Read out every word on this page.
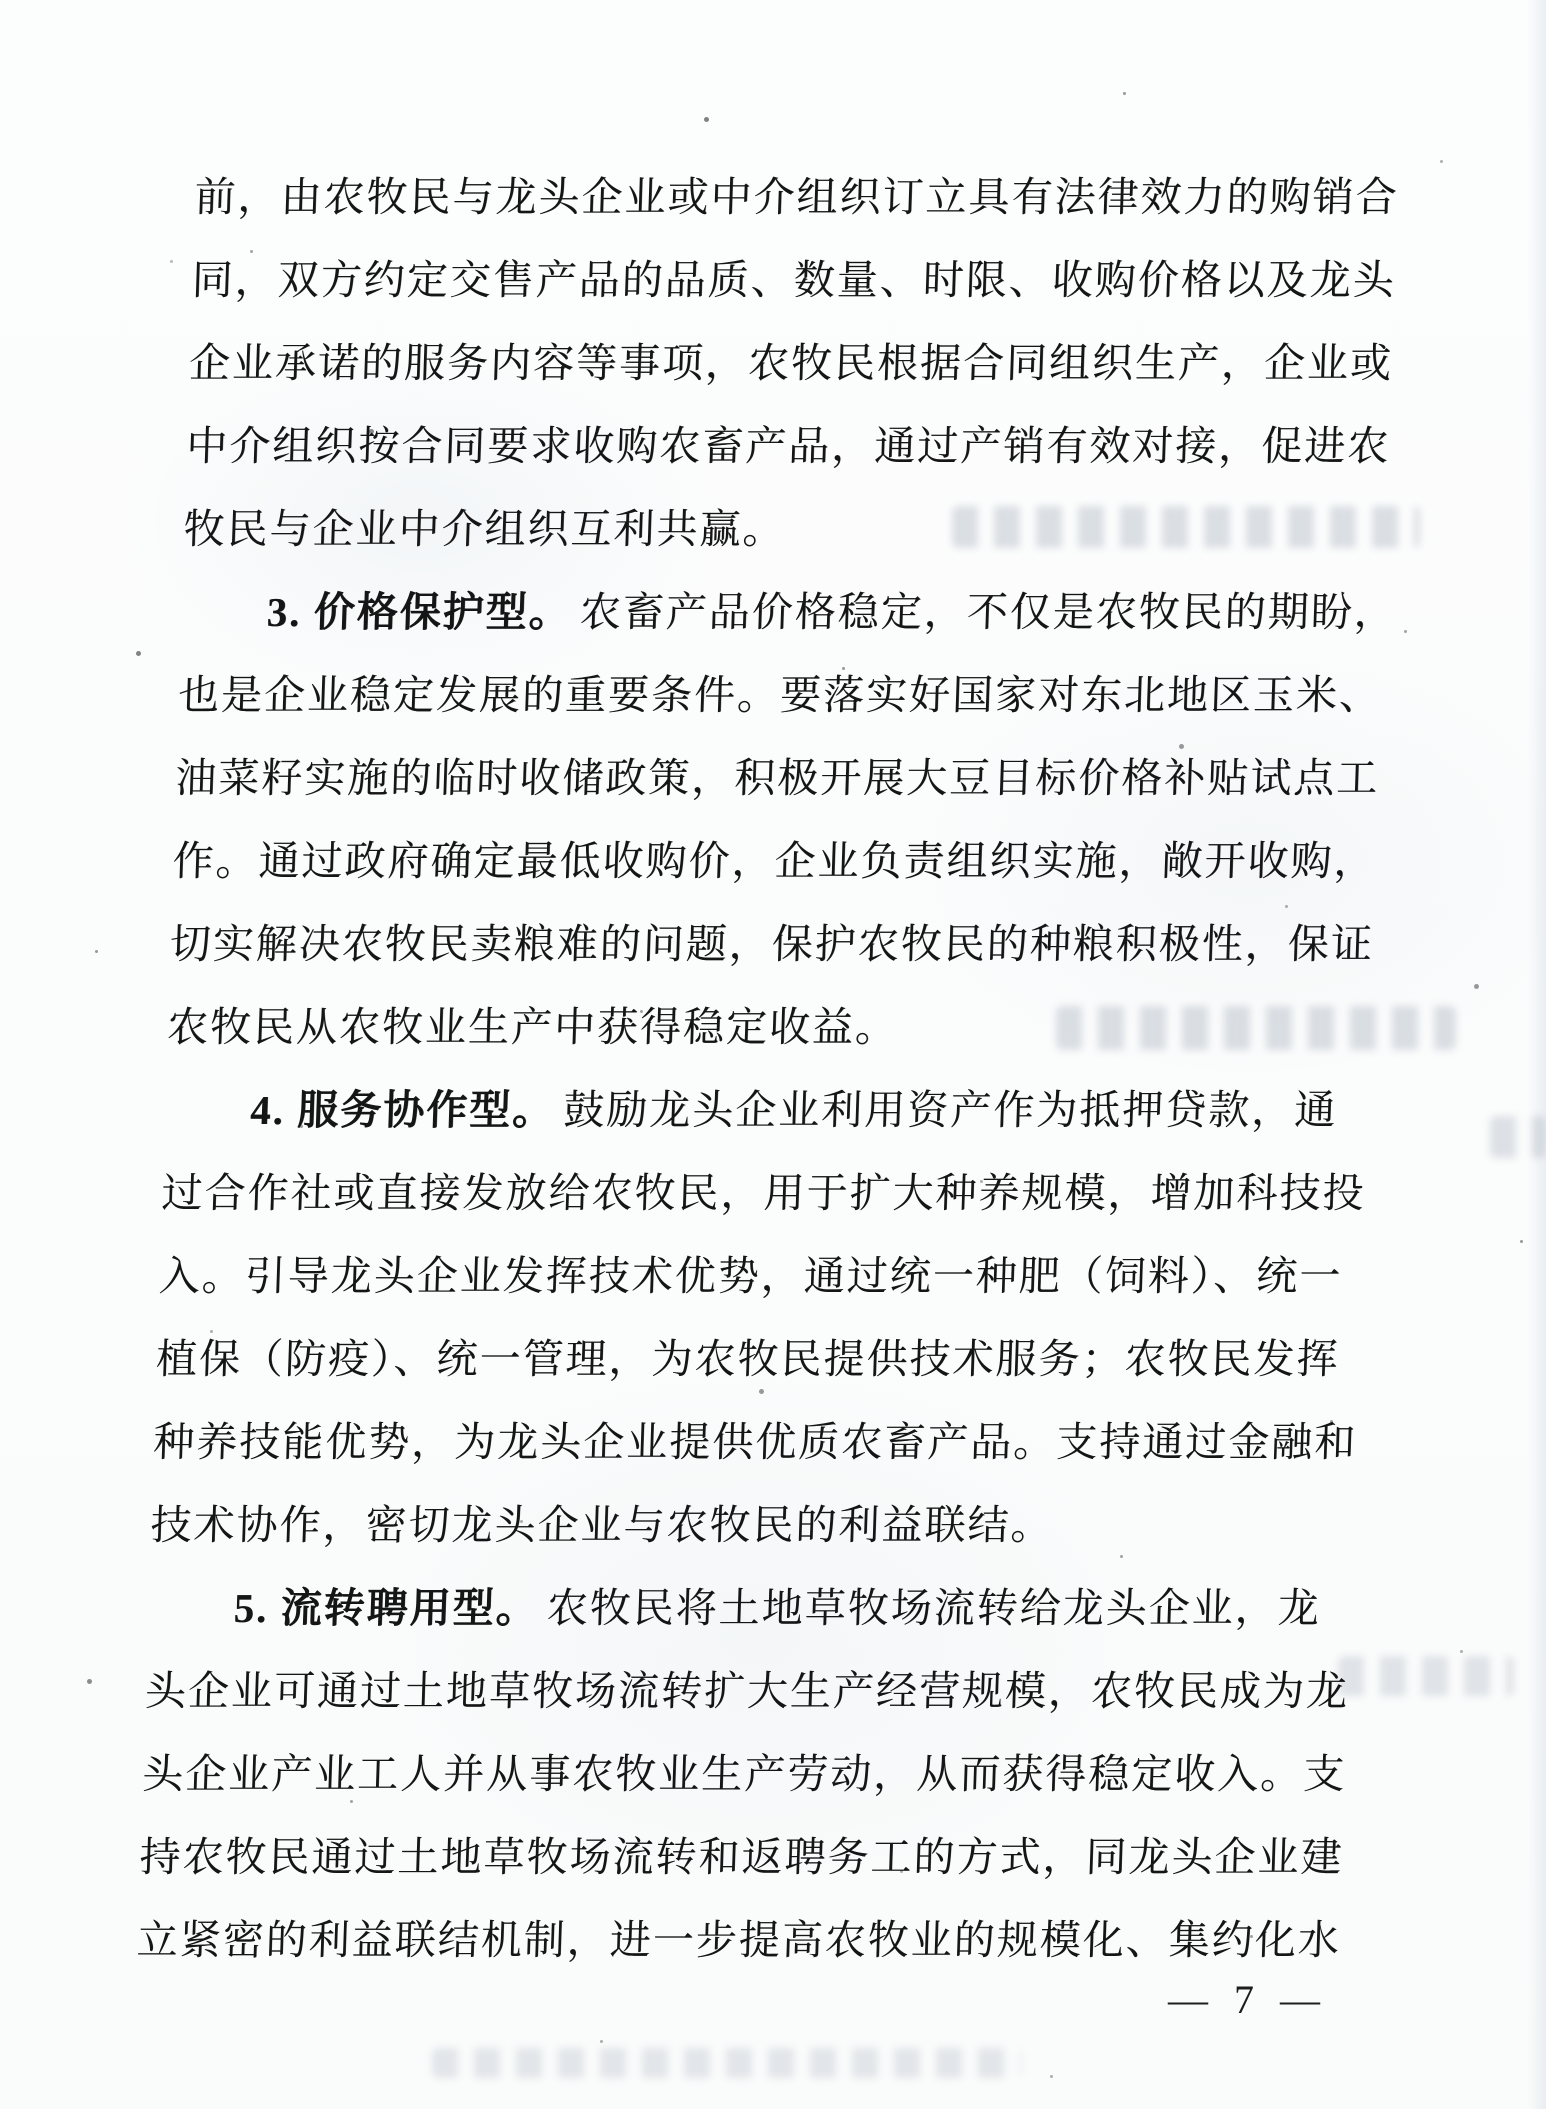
前，由农牧民与龙头企业或中介组织订立具有法律效力的购销合
同，双方约定交售产品的品质、数量、时限、收购价格以及龙头
企业承诺的服务内容等事项，农牧民根据合同组织生产，企业或
中介组织按合同要求收购农畜产品，通过产销有效对接，促进农
牧民与企业中介组织互利共赢。
3. 价格保护型。 农畜产品价格稳定，不仅是农牧民的期盼，
也是企业稳定发展的重要条件。要落实好国家对东北地区玉米、
油菜籽实施的临时收储政策，积极开展大豆目标价格补贴试点工
作。通过政府确定最低收购价，企业负责组织实施，敞开收购，
切实解决农牧民卖粮难的问题，保护农牧民的种粮积极性，保证
农牧民从农牧业生产中获得稳定收益。
4. 服务协作型。 鼓励龙头企业利用资产作为抵押贷款，通
过合作社或直接发放给农牧民，用于扩大种养规模，增加科技投
入。引导龙头企业发挥技术优势，通过统一种肥（饲料）、统一
植保（防疫）、统一管理，为农牧民提供技术服务；农牧民发挥
种养技能优势，为龙头企业提供优质农畜产品。支持通过金融和
技术协作，密切龙头企业与农牧民的利益联结。
5. 流转聘用型。 农牧民将土地草牧场流转给龙头企业，龙
头企业可通过土地草牧场流转扩大生产经营规模，农牧民成为龙
头企业产业工人并从事农牧业生产劳动，从而获得稳定收入。支
持农牧民通过土地草牧场流转和返聘务工的方式，同龙头企业建
立紧密的利益联结机制，进一步提高农牧业的规模化、集约化水
— 7 —
